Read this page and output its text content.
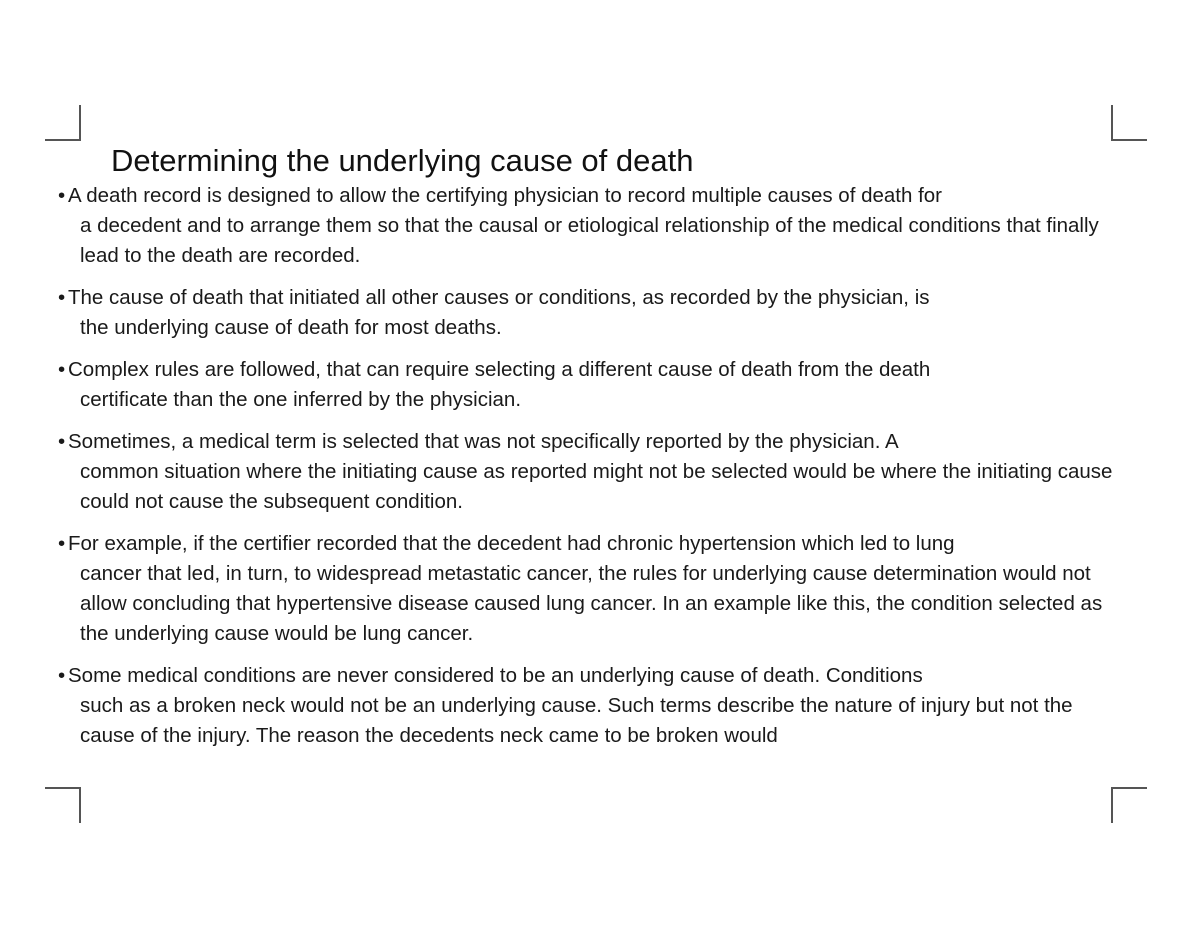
Determining the underlying cause of death
• A death record is designed to allow the certifying physician to record multiple causes of death for
a decedent and to arrange them so that the causal or etiological relationship of the medical conditions that finally lead to the death are recorded.
• The cause of death that initiated all other causes or conditions, as recorded by the physician, is
the underlying cause of death for most deaths.
• Complex rules are followed, that can require selecting a different cause of death from the death
certificate than the one inferred by the physician.
• Sometimes, a medical term is selected that was not specifically reported by the physician. A
common situation where the initiating cause as reported might not be selected would be where the initiating cause could not cause the subsequent condition.
• For example, if the certifier recorded that the decedent had chronic hypertension which led to lung
cancer that led, in turn, to widespread metastatic cancer, the rules for underlying cause determination would not allow concluding that hypertensive disease caused lung cancer. In an example like this, the condition selected as the underlying cause would be lung cancer.
• Some medical conditions are never considered to be an underlying cause of death. Conditions
such as a broken neck would not be an underlying cause. Such terms describe the nature of injury but not the cause of the injury. The reason the decedents neck came to be broken would
